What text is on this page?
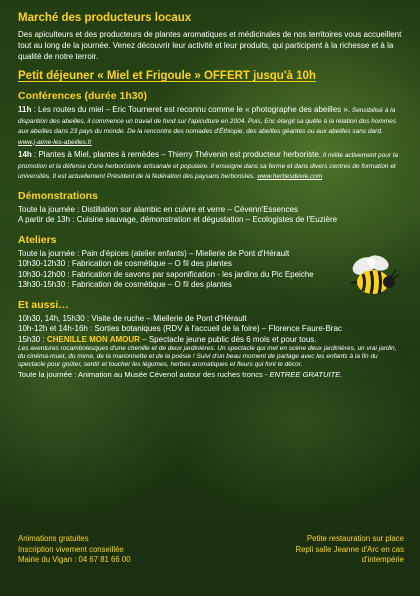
Marché des producteurs locaux
Des apiculteurs et des producteurs de plantes aromatiques et médicinales de nos territoires vous accueillent tout au long de la journée. Venez découvrir leur activité et leur produits, qui participent à la richesse et à la qualité de notre terroir.
Petit déjeuner « Miel et Frigoule » OFFERT jusqu'à 10h
Conférences (durée 1h30)
11h : Les routes du miel – Eric Tourneret est reconnu comme le « photographe des abeilles ». Sensibilisé à la disparition des abeilles, il commence un travail de fond sur l'apiculture en 2004. Puis, Eric élargit sa quête à la relation des hommes aux abeilles dans 23 pays du monde. De la rencontre des nomades d'Éthiopie, des abeilles géantes ou aux abeilles sans dard. www.j-aime-les-abeilles.fr
14h : Plantes à Miel, plantes à remèdes – Thierry Thévenin est producteur herboriste. Il milite activement pour la promotion et la défense d'une herboristerie artisanale et populaire. Il enseigne dans sa ferme et dans divers centres de formation et universités. Il est actuellement Président de la fédération des paysans herboristes. www.herbesdevie.com
Démonstrations
Toute la journée : Distillation sur alambic en cuivre et verre – Cévenn'Essences
A partir de 13h : Cuisine sauvage, démonstration et dégustation – Ecologistes de l'Euzière
Ateliers
Toute la journée : Pain d'épices (atelier enfants) – Miellerie de Pont d'Hérault
10h30-12h30 : Fabrication de cosmétique – O fil des plantes
10h30-12h00 : Fabrication de savons par saponification - les jardins du Pic Epeiche
13h30-15h30 : Fabrication de cosmétique – O fil des plantes
Et aussi…
10h30, 14h, 15h30 : Visite de ruche – Miellerie de Pont d'Hérault
10h-12h et 14h-16h : Sorties botaniques (RDV à l'accueil de la foire) – Florence Faure-Brac
15h30 : CHENILLE MON AMOUR – Spectacle jeune public dès 6 mois et pour tous.
Les aventures rocambolesques d'une chenille et de deux jardinières. Un spectacle qui met en scène deux jardinières, un vrai jardin, du cinéma-muet, du mime, de la marionnette et de la poésie ! Suivi d'un beau moment de partage avec les enfants à la fin du spectacle pour goûter, sentir et toucher les légumes, herbes aromatiques et fleurs qui font le décor.
Toute la journée : Animation au Musée Cévenol autour des ruches troncs - ENTREE GRATUITE.
Animations gratuites
Inscription vivement conseillée
Mairie du Vigan : 04 67 81 66 00
Petite restauration sur place
Repli salle Jeanne d'Arc en cas
d'intempérie
